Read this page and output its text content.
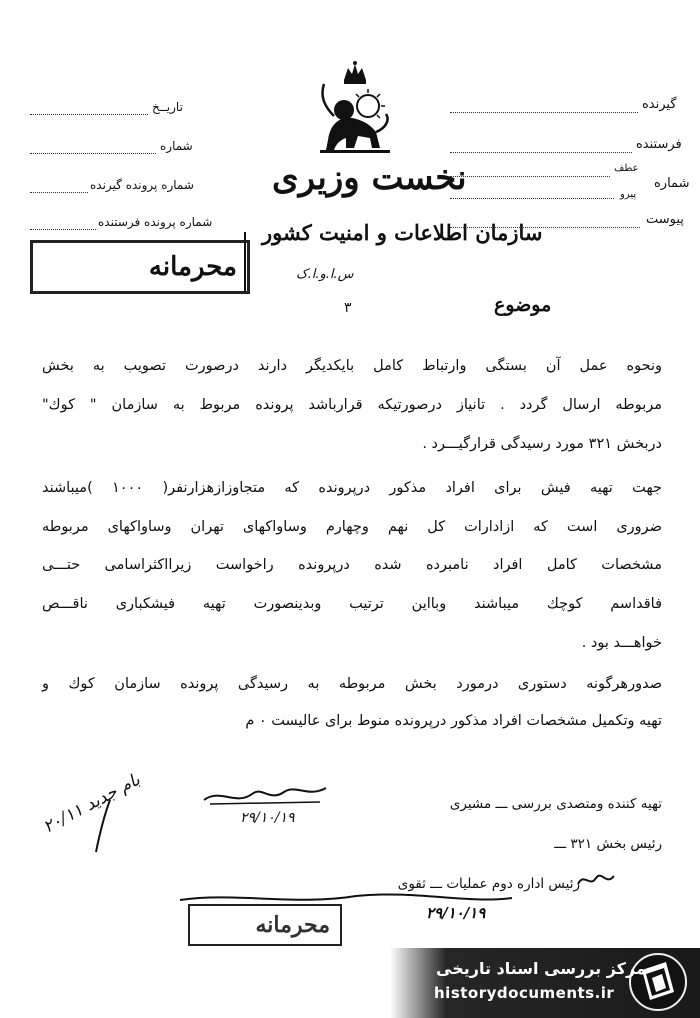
تاریــخ
شماره
شماره پرونده گیرنده
شماره پرونده فرستنده
گیرنده
فرستنده
شماره
عطف
پیرو
پیوست
نخست وزیری
سازمان اطلاعات و امنیت کشور
س.ا.و.ا.ک
محرمانه
محرمانه
موضوع
۳
ونحوه عمل آن بستگی وارتباط کامل بایکدیگر دارند درصورت تصویب به بخش
مربوطه ارسال گردد . تانیاز درصورتیکه قرارباشد پرونده مربوط به سازمان " کوك"
دربخش ۳۲۱ مورد رسیدگی قرارگیـــرد .
جهت تهیه فیش برای افراد مذکور درپرونده که متجاوزازهزارنفر( ۱۰۰۰ )میباشند
ضروری است که ازادارات کل نهم وچهارم وساواکهای تهران وساواکهای مربوطه
مشخصات کامل افراد نامبرده شده درپرونده راخواست زیرااکثراسامی حتـــی
فاقداسم کوچك میباشند وبااین ترتیب وبدینصورت تهیه فیشکباری ناقـــص
خواهـــد بود .
صدورهرگونه دستوری درمورد بخش مربوطه به رسیدگی پرونده سازمان کوك و
تهیه وتکمیل مشخصات افراد مذکور درپرونده منوط برای عالیست ۰ م
تهیه کننده ومتصدی بررسی ـــ مشیری
۲۹/۱۰/۱۹
رئیس بخش ۳۲۱ ـــ
رئیس اداره دوم عملیات ـــ ثقوی
۲۹/۱۰/۱۹
بام جدید ۲۰/۱۱
مرکز بررسی اسناد تاریخی
historydocuments.ir
